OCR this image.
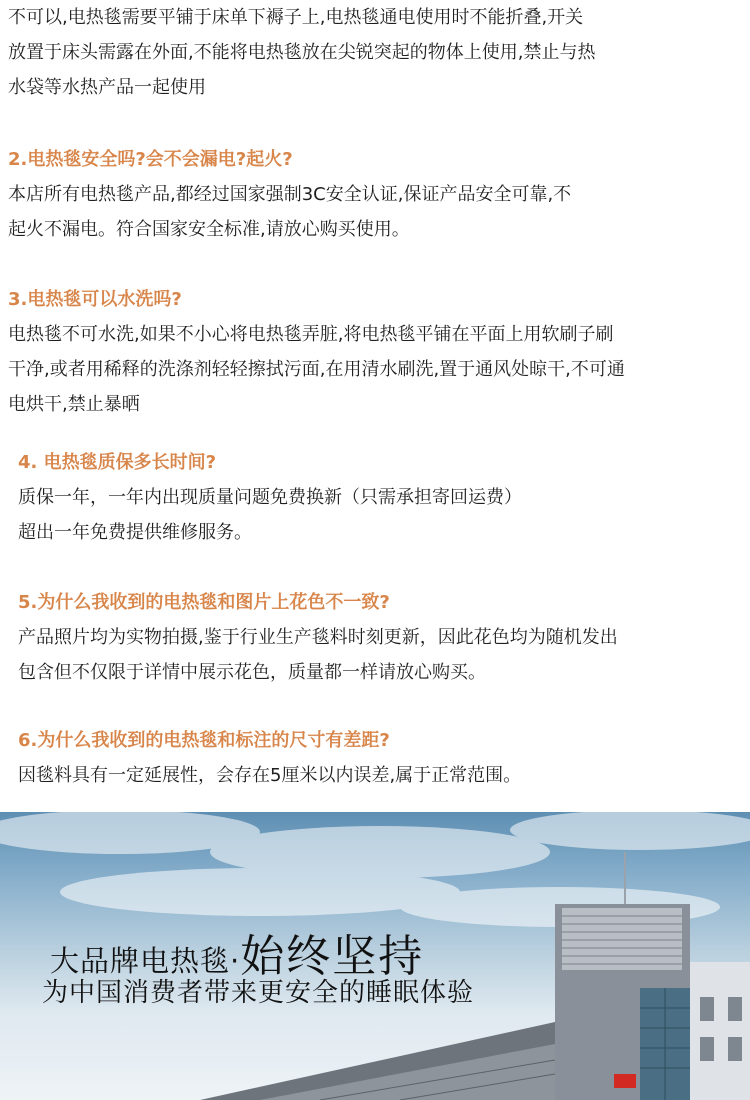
不可以,电热毯需要平铺于床单下褥子上,电热毯通电使用时不能折叠,开关
放置于床头需露在外面,不能将电热毯放在尖锐突起的物体上使用,禁止与热
水袋等水热产品一起使用
2.电热毯安全吗?会不会漏电?起火?
本店所有电热毯产品,都经过国家强制3C安全认证,保证产品安全可靠,不
起火不漏电。符合国家安全标准,请放心购买使用。
3.电热毯可以水洗吗?
电热毯不可水洗,如果不小心将电热毯弄脏,将电热毯平铺在平面上用软刷子刷
干净,或者用稀释的洗涤剂轻轻擦拭污面,在用清水刷洗,置于通风处晾干,不可通
电烘干,禁止暴晒
4. 电热毯质保多长时间?
质保一年，一年内出现质量问题免费换新（只需承担寄回运费）
超出一年免费提供维修服务。
5.为什么我收到的电热毯和图片上花色不一致?
产品照片均为实物拍摄,鉴于行业生产毯料时刻更新，因此花色均为随机发出
包含但不仅限于详情中展示花色，质量都一样请放心购买。
6.为什么我收到的电热毯和标注的尺寸有差距?
因毯料具有一定延展性，会存在5厘米以内误差,属于正常范围。
大品牌电热毯·始终坚持
为中国消费者带来更安全的睡眠体验
